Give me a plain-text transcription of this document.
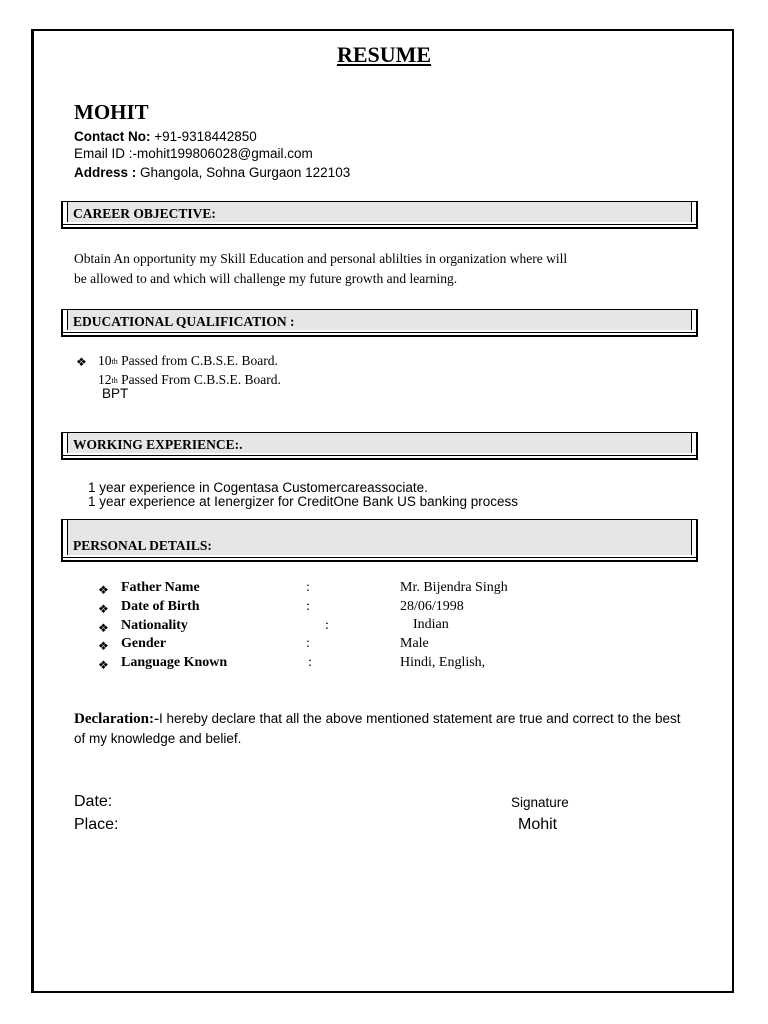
RESUME
MOHIT
Contact No: +91-9318442850
Email ID :-mohit199806028@gmail.com
Address : Ghangola, Sohna Gurgaon 122103
CAREER OBJECTIVE:
Obtain An opportunity my Skill Education and personal ablilties in organization where will
be allowed to and which will challenge my future growth and learning.
EDUCATIONAL QUALIFICATION :
❖ 10th Passed from C.B.S.E. Board.
12th Passed From C.B.S.E. Board.
BPT
WORKING EXPERIENCE:.
1 year experience in Cogentasa Customercareassociate.
1 year experience at Ienergizer for CreditOne Bank US banking process
PERSONAL DETAILS:
❖ Father Name	:	Mr. Bijendra Singh
❖ Date of Birth	:	28/06/1998
❖ Nationality	:	Indian
❖ Gender	:	Male
❖ Language Known	:	Hindi, English,
Declaration:-I hereby declare that all the above mentioned statement are true and correct to the best of my knowledge and belief.
Date:
Place:
Signature
Mohit
